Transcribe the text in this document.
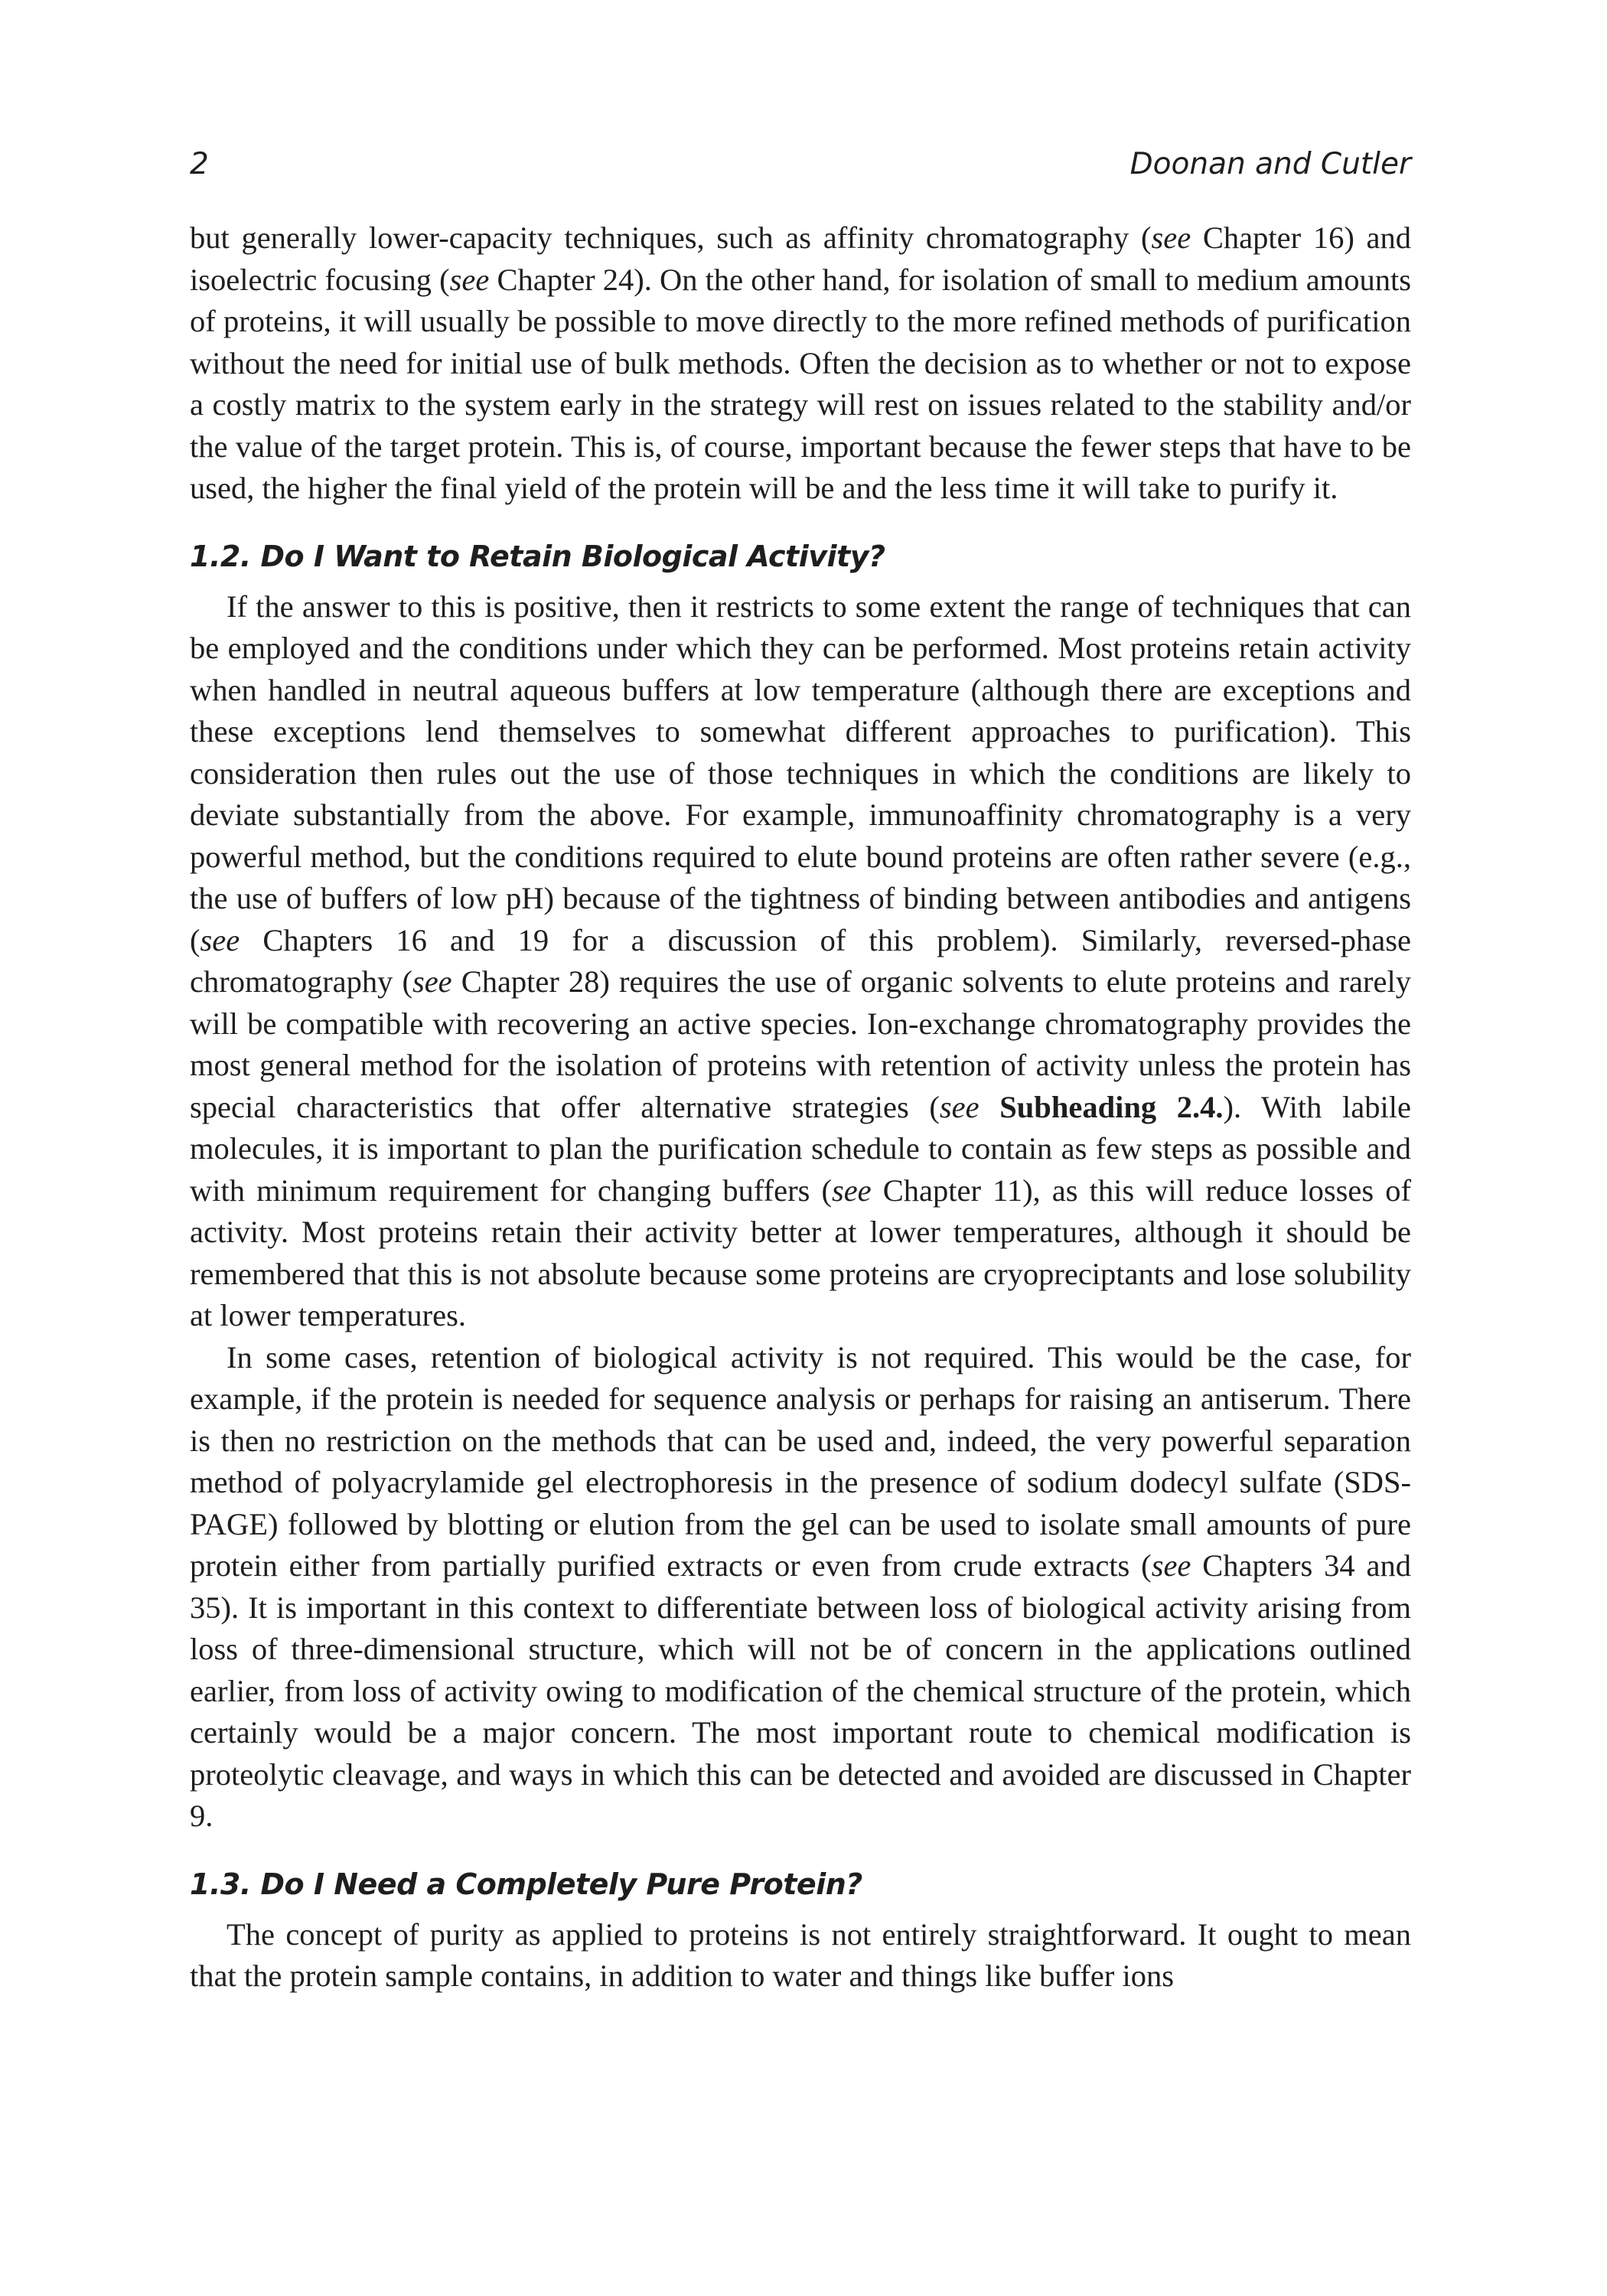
2	Doonan and Cutler

but generally lower-capacity techniques, such as affinity chromatography (see Chapter 16) and isoelectric focusing (see Chapter 24). On the other hand, for isolation of small to medium amounts of proteins, it will usually be possible to move directly to the more refined methods of purification without the need for initial use of bulk methods. Often the decision as to whether or not to expose a costly matrix to the system early in the strategy will rest on issues related to the stability and/or the value of the target protein. This is, of course, important because the fewer steps that have to be used, the higher the final yield of the protein will be and the less time it will take to purify it.

1.2. Do I Want to Retain Biological Activity?

If the answer to this is positive, then it restricts to some extent the range of techniques that can be employed and the conditions under which they can be performed. Most proteins retain activity when handled in neutral aqueous buffers at low temperature (although there are exceptions and these exceptions lend themselves to somewhat different approaches to purification). This consideration then rules out the use of those techniques in which the conditions are likely to deviate substantially from the above. For example, immunoaffinity chromatography is a very powerful method, but the conditions required to elute bound proteins are often rather severe (e.g., the use of buffers of low pH) because of the tightness of binding between antibodies and antigens (see Chapters 16 and 19 for a discussion of this problem). Similarly, reversed-phase chromatography (see Chapter 28) requires the use of organic solvents to elute proteins and rarely will be compatible with recovering an active species. Ion-exchange chromatography provides the most general method for the isolation of proteins with retention of activity unless the protein has special characteristics that offer alternative strategies (see Subheading 2.4.). With labile molecules, it is important to plan the purification schedule to contain as few steps as possible and with minimum requirement for changing buffers (see Chapter 11), as this will reduce losses of activity. Most proteins retain their activity better at lower temperatures, although it should be remembered that this is not absolute because some proteins are cryopreciptants and lose solubility at lower temperatures.

In some cases, retention of biological activity is not required. This would be the case, for example, if the protein is needed for sequence analysis or perhaps for raising an antiserum. There is then no restriction on the methods that can be used and, indeed, the very powerful separation method of polyacrylamide gel electrophoresis in the presence of sodium dodecyl sulfate (SDS-PAGE) followed by blotting or elution from the gel can be used to isolate small amounts of pure protein either from partially purified extracts or even from crude extracts (see Chapters 34 and 35). It is important in this context to differentiate between loss of biological activity arising from loss of three-dimensional structure, which will not be of concern in the applications outlined earlier, from loss of activity owing to modification of the chemical structure of the protein, which certainly would be a major concern. The most important route to chemical modification is proteolytic cleavage, and ways in which this can be detected and avoided are discussed in Chapter 9.

1.3. Do I Need a Completely Pure Protein?

The concept of purity as applied to proteins is not entirely straightforward. It ought to mean that the protein sample contains, in addition to water and things like buffer ions
